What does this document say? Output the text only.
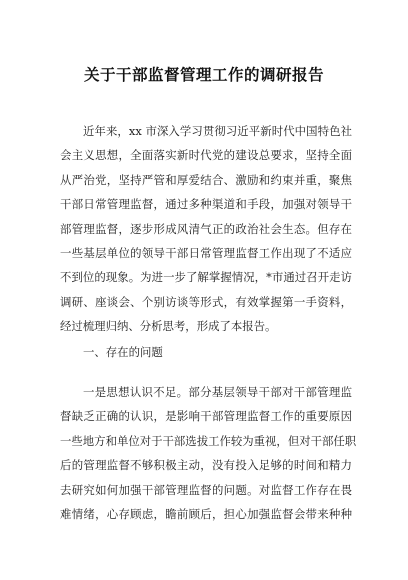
关于干部监督管理工作的调研报告
近年来，xx 市深入学习贯彻习近平新时代中国特色社
会主义思想，全面落实新时代党的建设总要求，坚持全面
从严治党，坚持严管和厚爱结合、激励和约束并重，聚焦
干部日常管理监督，通过多种渠道和手段，加强对领导干
部管理监督，逐步形成风清气正的政治社会生态。但存在
一些基层单位的领导干部日常管理监督工作出现了不适应
不到位的现象。为进一步了解掌握情况，*市通过召开走访
调研、座谈会、个别访谈等形式，有效掌握第一手资料，
经过梳理归纳、分析思考，形成了本报告。
一、存在的问题
一是思想认识不足。部分基层领导干部对干部管理监
督缺乏正确的认识，是影响干部管理监督工作的重要原因
一些地方和单位对于干部选拔工作较为重视，但对干部任职
后的管理监督不够积极主动，没有投入足够的时间和精力
去研究如何加强干部管理监督的问题。对监督工作存在畏
难情绪，心存顾虑，瞻前顾后，担心加强监督会带来种种
